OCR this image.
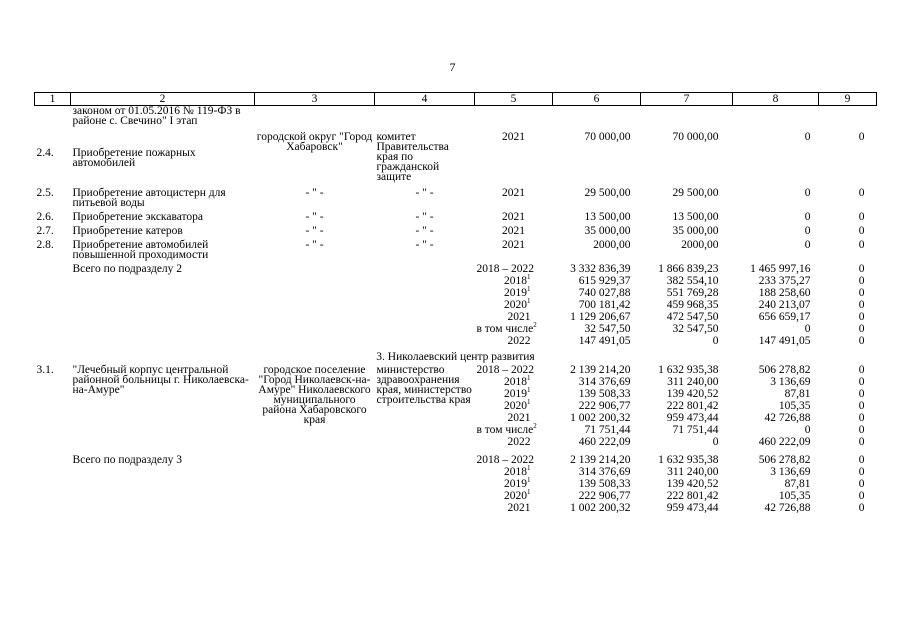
7
1	2	3	4	5	6	7	8	9
	законом от 01.05.2016 № 119-ФЗ в районе с. Свечино" I этап							

2.4.	Приобретение пожарных автомобилей	городской округ "Город Хабаровск"	комитет Правительства края по гражданской защите	2021	70 000,00	70 000,00	0	0

2.5.	Приобретение автоцистерн для питьевой воды	- " -	- " -	2021	29 500,00	29 500,00	0	0

2.6.	Приобретение экскаватора	- " -	- " -	2021	13 500,00	13 500,00	0	0

2.7.	Приобретение катеров	- " -	- " -	2021	35 000,00	35 000,00	0	0

2.8.	Приобретение автомобилей повышенной проходимости	- " -	- " -	2021	2000,00	2000,00	0	0

	Всего по подразделу 2			2018 – 2022	3 332 836,39	1 866 839,23	1 465 997,16	0
				2018$^1$	615 929,37	382 554,10	233 375,27	0
				2019$^1$	740 027,88	551 769,28	188 258,60	0
				2020$^1$	700 181,42	459 968,35	240 213,07	0
				2021	1 129 206,67	472 547,50	656 659,17	0
				в том числе$^2$	32 547,50	32 547,50	0	0
				2022	147 491,05	0	147 491,05	0

3. Николаевский центр развития								

3.1.	"Лечебный корпус центральной районной больницы г. Николаевска-на-Амуре"	городское поселение "Город Николаевск-на-Амуре" Николаевского муниципального района Хабаровского края	министерство здравоохранения края, министерство строительства края	2018 – 2022	2 139 214,20	1 632 935,38	506 278,82	0
				2018$^1$	314 376,69	311 240,00	3 136,69	0
				2019$^1$	139 508,33	139 420,52	87,81	0
				2020$^1$	222 906,77	222 801,42	105,35	0
				2021	1 002 200,32	959 473,44	42 726,88	0
				в том числе$^2$	71 751,44	71 751,44	0	0
				2022	460 222,09	0	460 222,09	0

	Всего по подразделу 3			2018 – 2022	2 139 214,20	1 632 935,38	506 278,82	0
				2018$^1$	314 376,69	311 240,00	3 136,69	0
				2019$^1$	139 508,33	139 420,52	87,81	0
				2020$^1$	222 906,77	222 801,42	105,35	0
				2021	1 002 200,32	959 473,44	42 726,88	0
